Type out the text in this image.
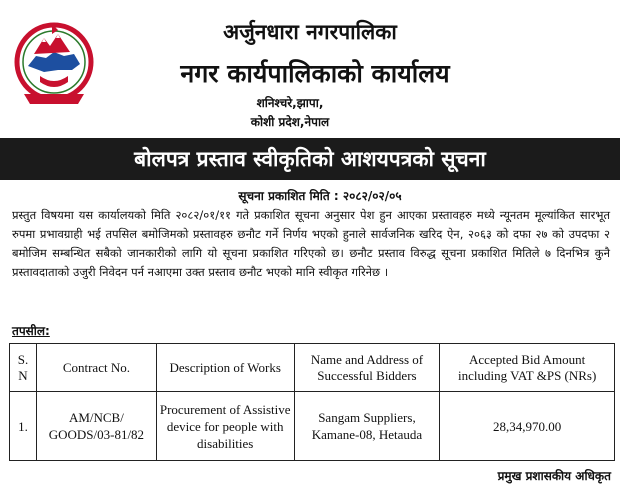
अर्जुनधारा नगरपालिका
नगर कार्यपालिकाको कार्यालय
शनिश्चरे,झापा,
कोशी प्रदेश,नेपाल
बोलपत्र प्रस्ताव स्वीकृतिको आशयपत्रको सूचना
सूचना प्रकाशित मिति : २०८२/०२/०५

प्रस्तुत विषयमा यस कार्यालयको मिति २०८२/०१/११ गते प्रकाशित सूचना अनुसार पेश हुन आएका प्रस्तावहरु मध्ये न्यूनतम मूल्यांकित सारभूत रुपमा प्रभावग्राही भई तपसिल बमोजिमको प्रस्तावहरु छनौट गर्ने निर्णय भएको हुनाले सार्वजनिक खरिद ऐन, २०६३ को दफा २७ को उपदफा २ बमोजिम सम्बन्धित सबैको जानकारीको लागि यो सूचना प्रकाशित गरिएको छ। छनौट प्रस्ताव विरुद्ध सूचना प्रकाशित मितिले ७ दिनभित्र कुनै प्रस्तावदाताको उजुरी निवेदन पर्न नआएमा उक्त प्रस्ताव छनौट भएको मानि स्वीकृत गरिनेछ ।

तपसील:
S. N	Contract No.	Description of Works	Name and Address of Successful Bidders	Accepted Bid Amount including VAT &PS (NRs)
1.	AM/NCB/ GOODS/03-81/82	Procurement of Assistive device for people with disabilities	Sangam Suppliers, Kamane-08, Hetauda	28,34,970.00
प्रमुख प्रशासकीय अधिकृत
